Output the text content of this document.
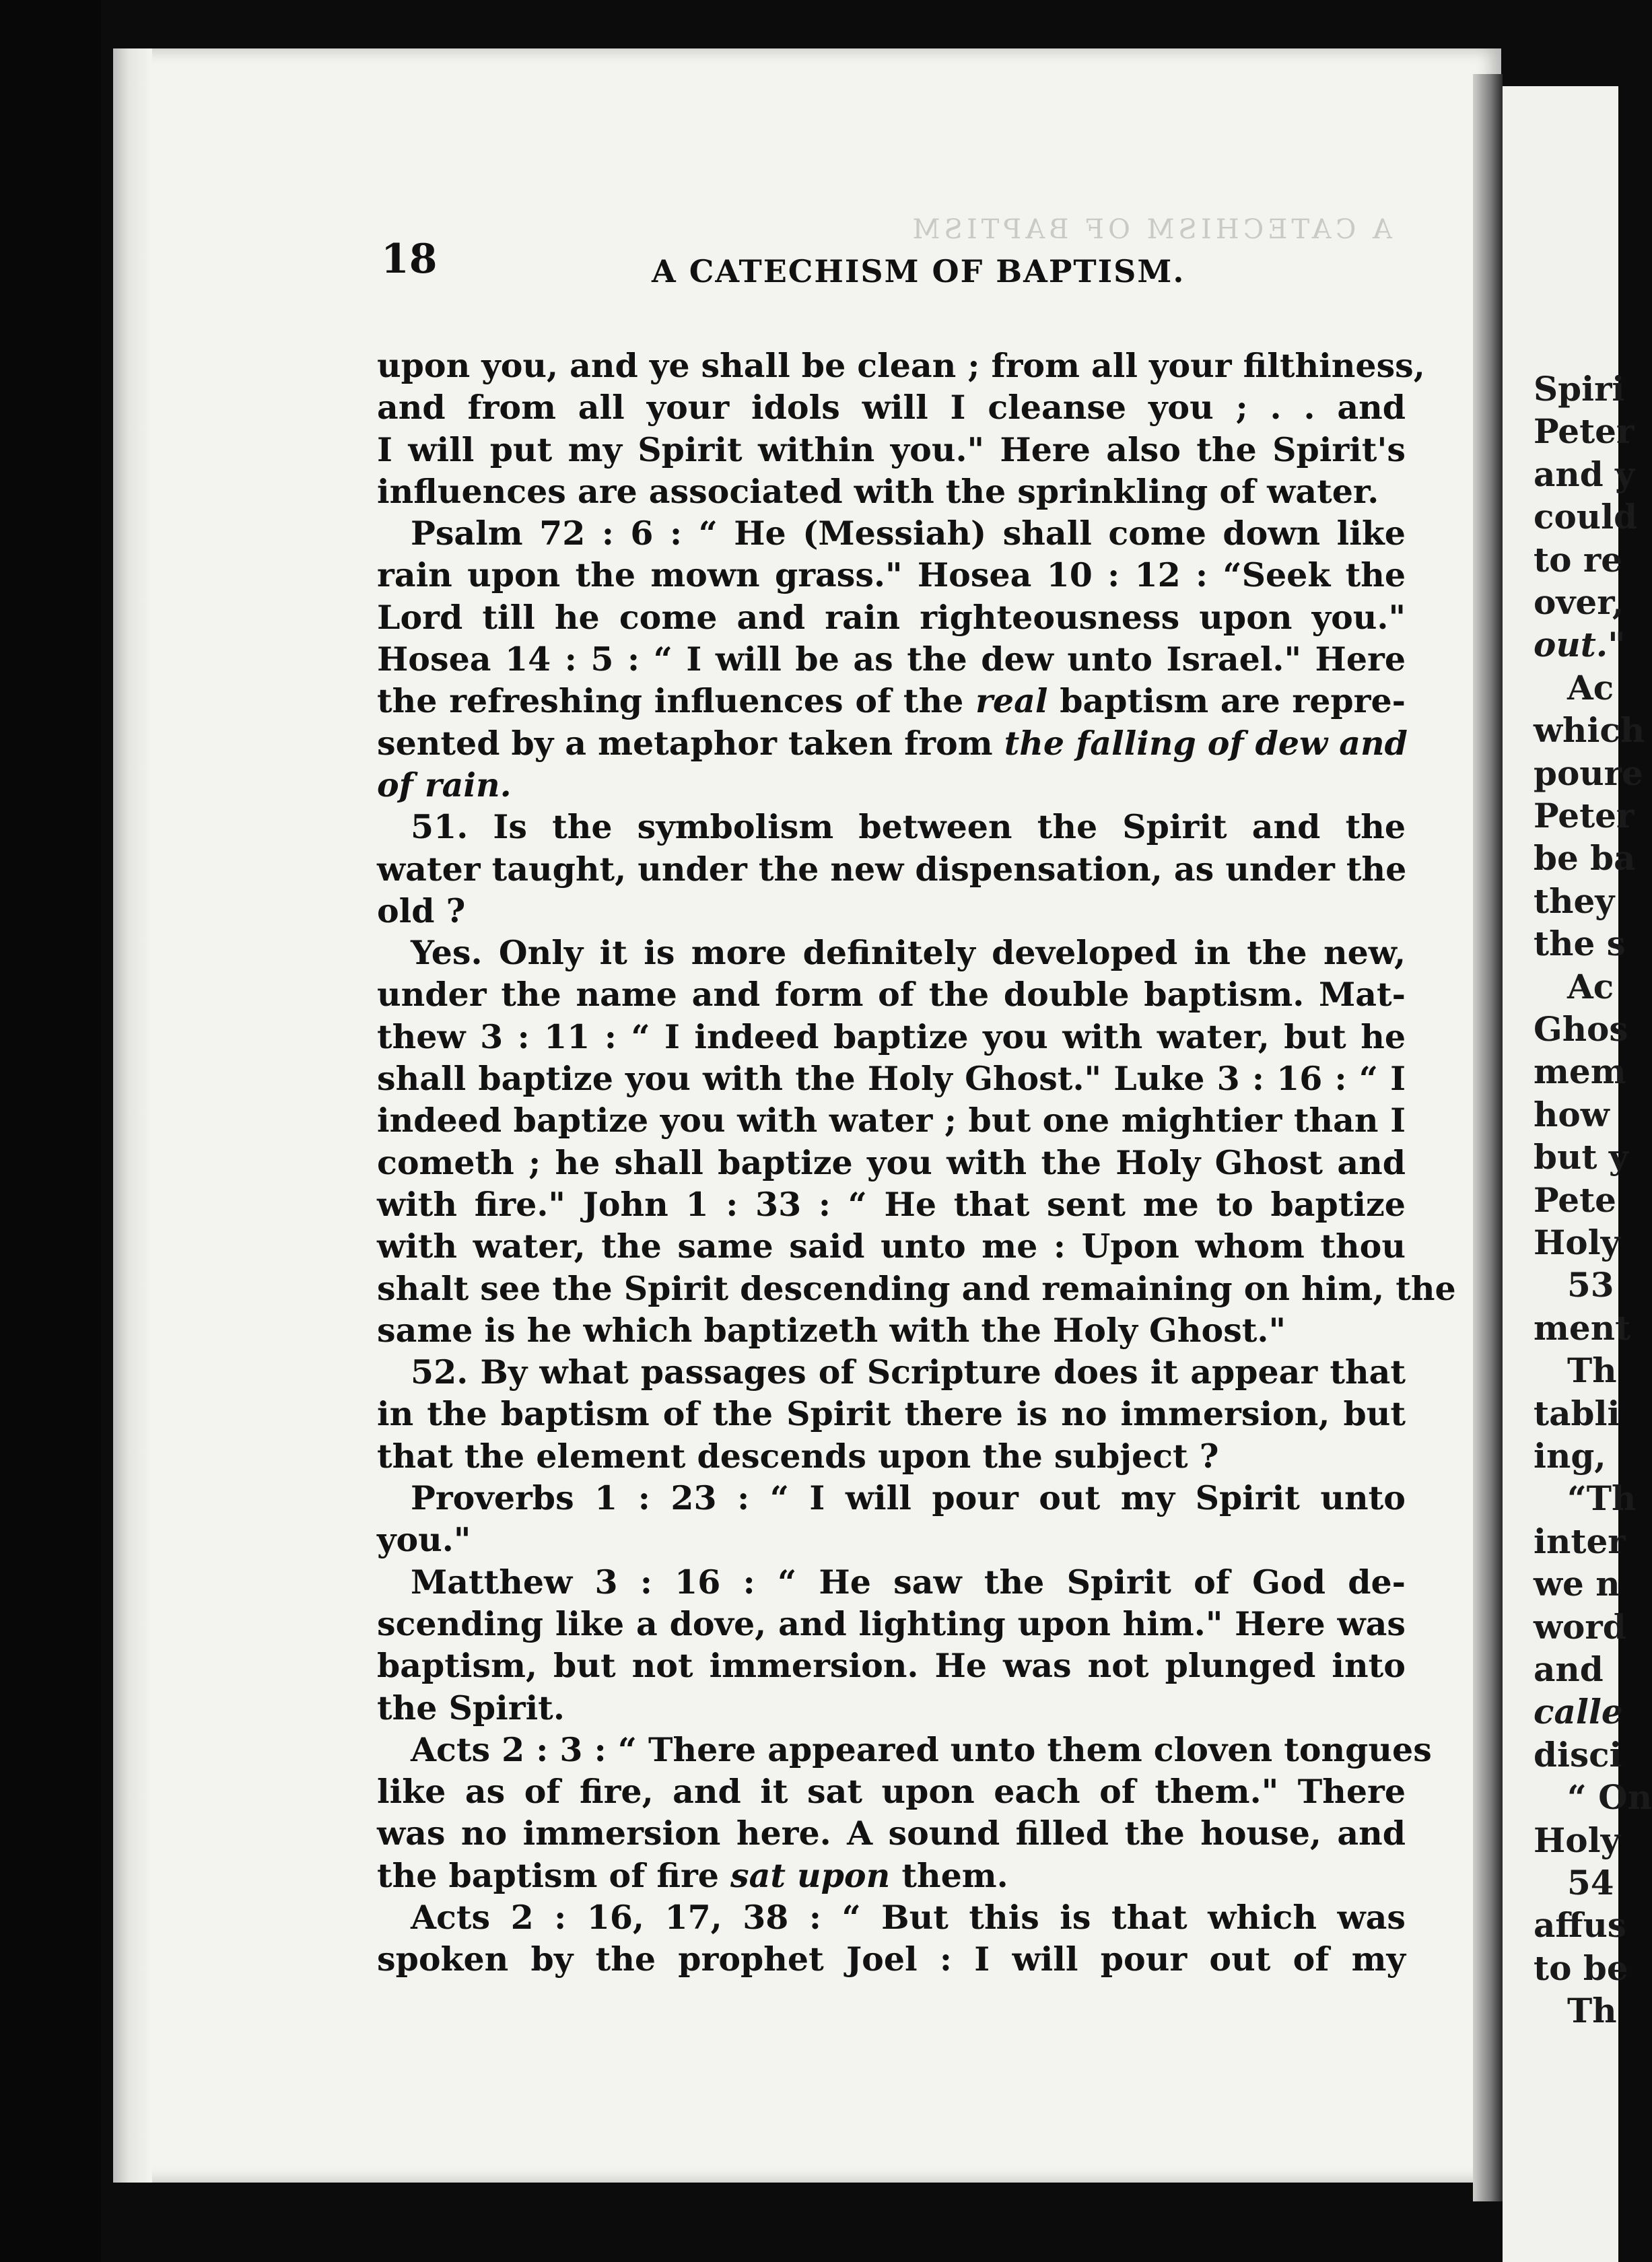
A CATECHISM OF BAPTISM
18	A CATECHISM OF BAPTISM.
upon you, and ye shall be clean ; from all your filthiness,
and from all your idols will I cleanse you ; . . and
I will put my Spirit within you." Here also the Spirit's
influences are associated with the sprinkling of water.
Psalm 72 : 6 : “ He (Messiah) shall come down like
rain upon the mown grass." Hosea 10 : 12 : “Seek the
Lord till he come and rain righteousness upon you."
Hosea 14 : 5 : “ I will be as the dew unto Israel." Here
the refreshing influences of the real baptism are repre-
sented by a metaphor taken from the falling of dew and
of rain.
51. Is the symbolism between the Spirit and the
water taught, under the new dispensation, as under the
old ?
Yes. Only it is more definitely developed in the new,
under the name and form of the double baptism. Mat-
thew 3 : 11 : “ I indeed baptize you with water, but he
shall baptize you with the Holy Ghost." Luke 3 : 16 : “ I
indeed baptize you with water ; but one mightier than I
cometh ; he shall baptize you with the Holy Ghost and
with fire." John 1 : 33 : “ He that sent me to baptize
with water, the same said unto me : Upon whom thou
shalt see the Spirit descending and remaining on him, the
same is he which baptizeth with the Holy Ghost."
52. By what passages of Scripture does it appear that
in the baptism of the Spirit there is no immersion, but
that the element descends upon the subject ?
Proverbs 1 : 23 : “ I will pour out my Spirit unto
you."
Matthew 3 : 16 : “ He saw the Spirit of God de-
scending like a dove, and lighting upon him." Here was
baptism, but not immersion. He was not plunged into
the Spirit.
Acts 2 : 3 : “ There appeared unto them cloven tongues
like as of fire, and it sat upon each of them." There
was no immersion here. A sound filled the house, and
the baptism of fire sat upon them.
Acts 2 : 16, 17, 38 : “ But this is that which was
spoken by the prophet Joel : I will pour out of my
Spiri
Peter
and y
could
to re
over,
out."
Ac
which
poure
Peter
be ba
they
the s
Ac
Ghos
mem
how
but y
Pete
Holy
53
ment
Th
tabli
ing,
“Th
inter
we n
word
and
calle
disci
“ On
Holy
54
affus
to be
Th
